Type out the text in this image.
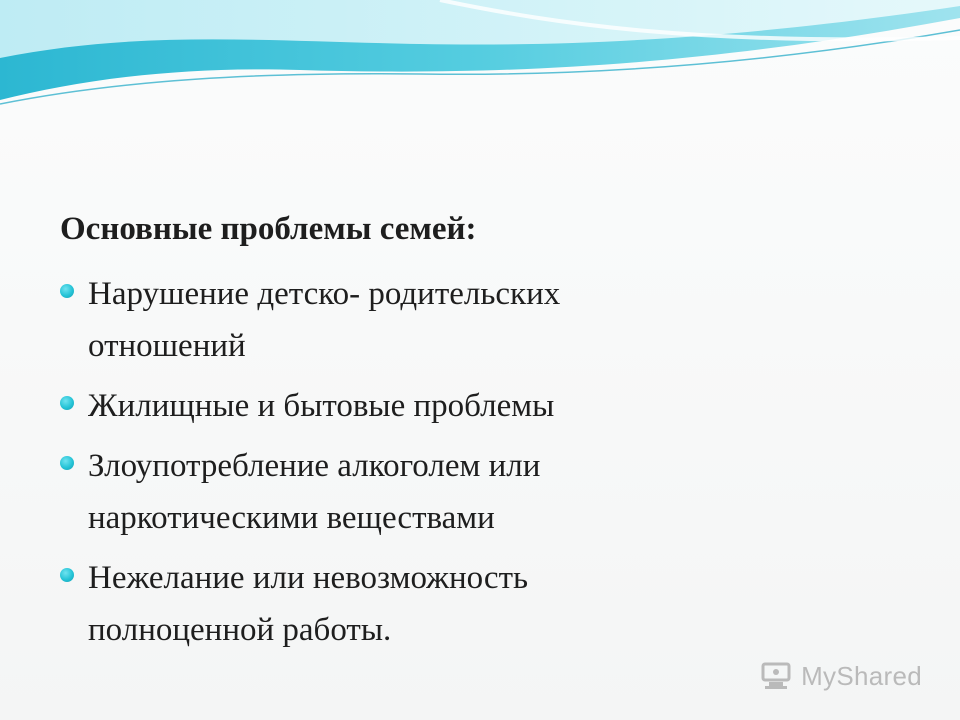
Основные проблемы семей:
Нарушение детско- родительских
отношений
Жилищные и бытовые проблемы
Злоупотребление алкоголем или
наркотическими веществами
Нежелание или невозможность
полноценной работы.
MyShared
